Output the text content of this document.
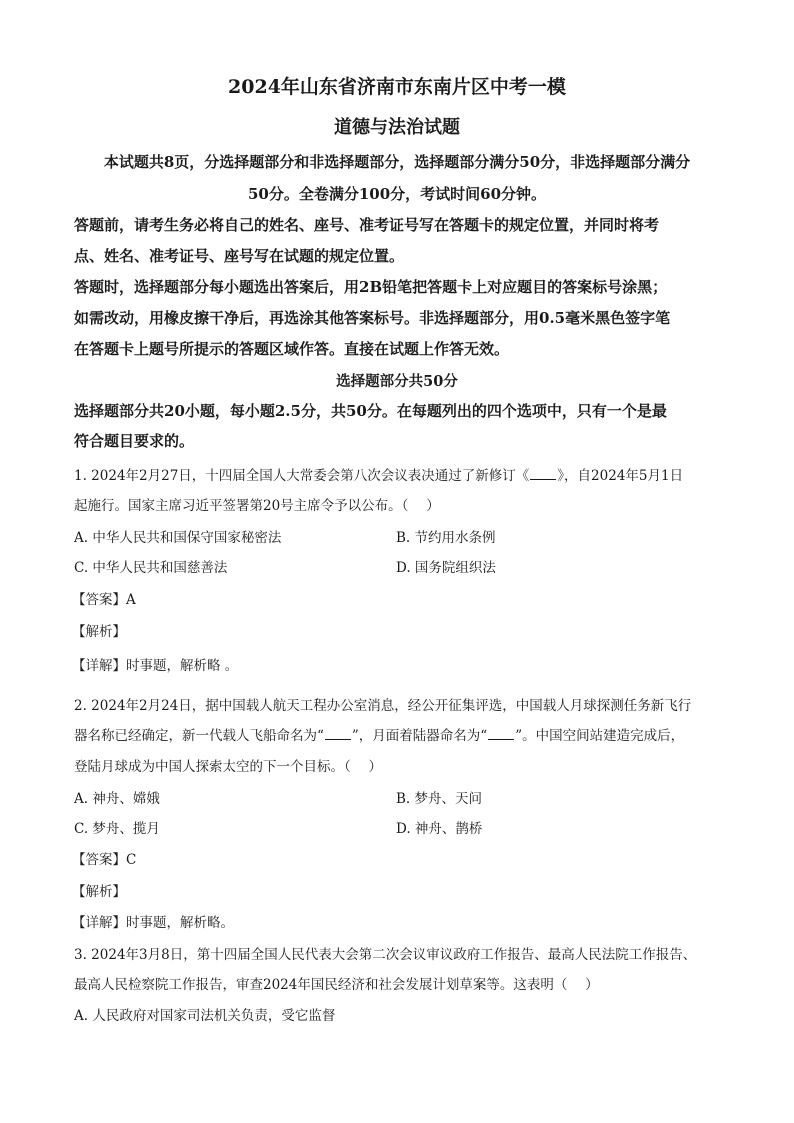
2024年山东省济南市东南片区中考一模
道德与法治试题
本试题共8页，分选择题部分和非选择题部分，选择题部分满分50分，非选择题部分满分
50分。全卷满分100分，考试时间60分钟。
答题前，请考生务必将自己的姓名、座号、准考证号写在答题卡的规定位置，并同时将考
点、姓名、准考证号、座号写在试题的规定位置。
答题时，选择题部分每小题选出答案后，用2B铅笔把答题卡上对应题目的答案标号涂黑；
如需改动，用橡皮擦干净后，再选涂其他答案标号。非选择题部分，用0.5毫米黑色签字笔
在答题卡上题号所提示的答题区域作答。直接在试题上作答无效。
选择题部分共50分
选择题部分共20小题，每小题2.5分，共50分。在每题列出的四个选项中，只有一个是最
符合题目要求的。
1. 2024年2月27日，十四届全国人大常委会第八次会议表决通过了新修订《 》，自2024年5月1日
起施行。国家主席习近平签署第20号主席令予以公布。（　 ）
A. 中华人民共和国保守国家秘密法	B. 节约用水条例
C. 中华人民共和国慈善法	D. 国务院组织法
【答案】A
【解析】
【详解】时事题，解析略 。
2. 2024年2月24日，据中国载人航天工程办公室消息，经公开征集评选，中国载人月球探测任务新飞行
器名称已经确定，新一代载人飞船命名为“ ”，月面着陆器命名为“ ”。中国空间站建造完成后，
登陆月球成为中国人探索太空的下一个目标。（　 ）
A. 神舟、嫦娥	B. 梦舟、天问
C. 梦舟、揽月	D. 神舟、鹊桥
【答案】C
【解析】
【详解】时事题，解析略。
3. 2024年3月8日，第十四届全国人民代表大会第二次会议审议政府工作报告、最高人民法院工作报告、
最高人民检察院工作报告，审查2024年国民经济和社会发展计划草案等。这表明（　 ）
A. 人民政府对国家司法机关负责，受它监督
